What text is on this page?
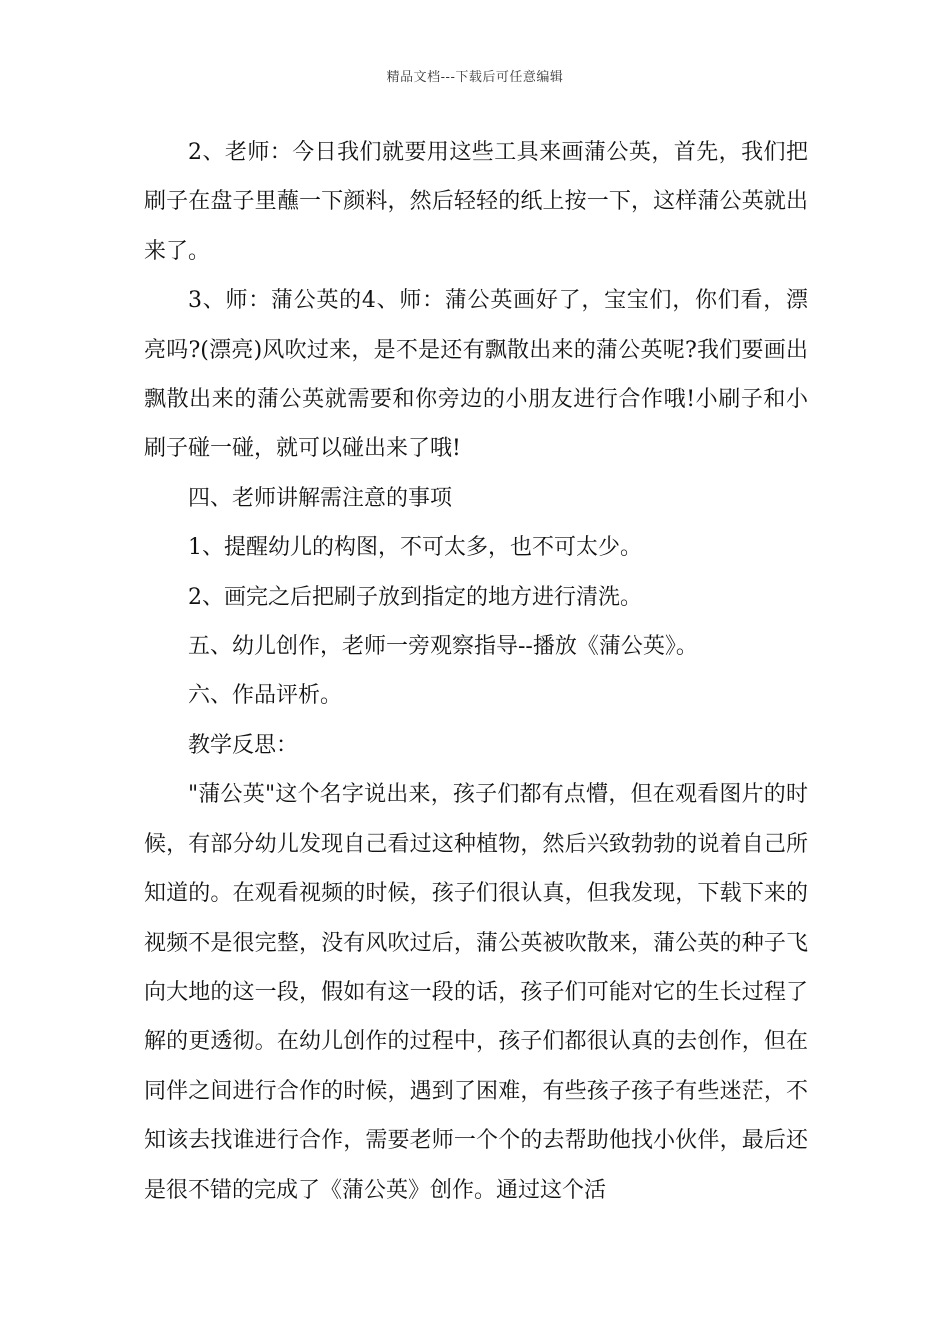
精品文档---下载后可任意编辑

2、老师：今日我们就要用这些工具来画蒲公英，首先，我们把刷子在盘子里蘸一下颜料，然后轻轻的纸上按一下，这样蒲公英就出来了。

3、师：蒲公英的4、师：蒲公英画好了，宝宝们，你们看，漂亮吗?(漂亮)风吹过来，是不是还有飘散出来的蒲公英呢?我们要画出飘散出来的蒲公英就需要和你旁边的小朋友进行合作哦!小刷子和小刷子碰一碰，就可以碰出来了哦!

四、老师讲解需注意的事项

1、提醒幼儿的构图，不可太多，也不可太少。

2、画完之后把刷子放到指定的地方进行清洗。

五、幼儿创作，老师一旁观察指导--播放《蒲公英》。

六、作品评析。

教学反思：

"蒲公英"这个名字说出来，孩子们都有点懵，但在观看图片的时候，有部分幼儿发现自己看过这种植物，然后兴致勃勃的说着自己所知道的。在观看视频的时候，孩子们很认真，但我发现，下载下来的视频不是很完整，没有风吹过后，蒲公英被吹散来，蒲公英的种子飞向大地的这一段，假如有这一段的话，孩子们可能对它的生长过程了解的更透彻。在幼儿创作的过程中，孩子们都很认真的去创作，但在同伴之间进行合作的时候，遇到了困难，有些孩子孩子有些迷茫，不知该去找谁进行合作，需要老师一个个的去帮助他找小伙伴，最后还是很不错的完成了《蒲公英》创作。通过这个活
